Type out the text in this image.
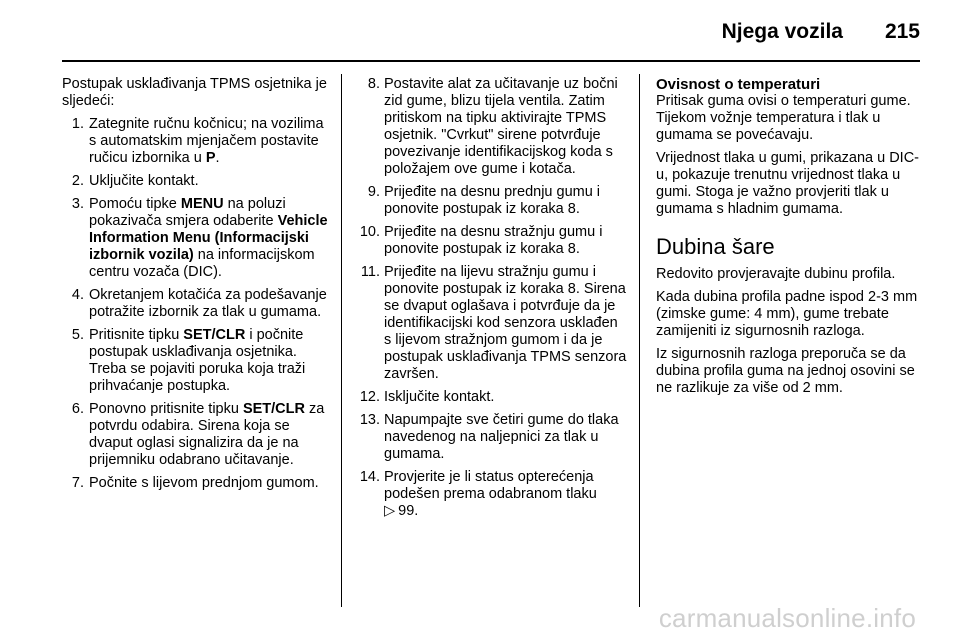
Njega vozila 215

Postupak usklađivanja TPMS osjetnika je sljedeći:

1. Zategnite ručnu kočnicu; na vozilima s automatskim mjenjačem postavite ručicu izbornika u P.
2. Uključite kontakt.
3. Pomoću tipke MENU na poluzi pokazivača smjera odaberite Vehicle Information Menu (Informacijski izbornik vozila) na informacijskom centru vozača (DIC).
4. Okretanjem kotačića za podešavanje potražite izbornik za tlak u gumama.
5. Pritisnite tipku SET/CLR i počnite postupak usklađivanja osjetnika. Treba se pojaviti poruka koja traži prihvaćanje postupka.
6. Ponovno pritisnite tipku SET/CLR za potvrdu odabira. Sirena koja se dvaput oglasi signalizira da je na prijemniku odabrano učitavanje.
7. Počnite s lijevom prednjom gumom.
8. Postavite alat za učitavanje uz bočni zid gume, blizu tijela ventila. Zatim pritiskom na tipku aktivirajte TPMS osjetnik. "Cvrkut" sirene potvrđuje povezivanje identifikacijskog koda s položajem ove gume i kotača.
9. Prijeđite na desnu prednju gumu i ponovite postupak iz koraka 8.
10. Prijeđite na desnu stražnju gumu i ponovite postupak iz koraka 8.
11. Prijeđite na lijevu stražnju gumu i ponovite postupak iz koraka 8. Sirena se dvaput oglašava i potvrđuje da je identifikacijski kod senzora usklađen s lijevom stražnjom gumom i da je postupak usklađivanja TPMS senzora završen.
12. Isključite kontakt.
13. Napumpajte sve četiri gume do tlaka navedenog na naljepnici za tlak u gumama.
14. Provjerite je li status opterećenja podešen prema odabranom tlaku
▷ 99.
Ovisnost o temperaturi

Pritisak guma ovisi o temperaturi gume. Tijekom vožnje temperatura i tlak u gumama se povećavaju.

Vrijednost tlaka u gumi, prikazana u DIC-u, pokazuje trenutnu vrijednost tlaka u gumi. Stoga je važno provjeriti tlak u gumama s hladnim gumama.

Dubina šare

Redovito provjeravajte dubinu profila.

Kada dubina profila padne ispod 2-3 mm (zimske gume: 4 mm), gume trebate zamijeniti iz sigurnosnih razloga.

Iz sigurnosnih razloga preporuča se da dubina profila guma na jednoj osovini se ne razlikuje za više od 2 mm.

carmanualsonline.info
